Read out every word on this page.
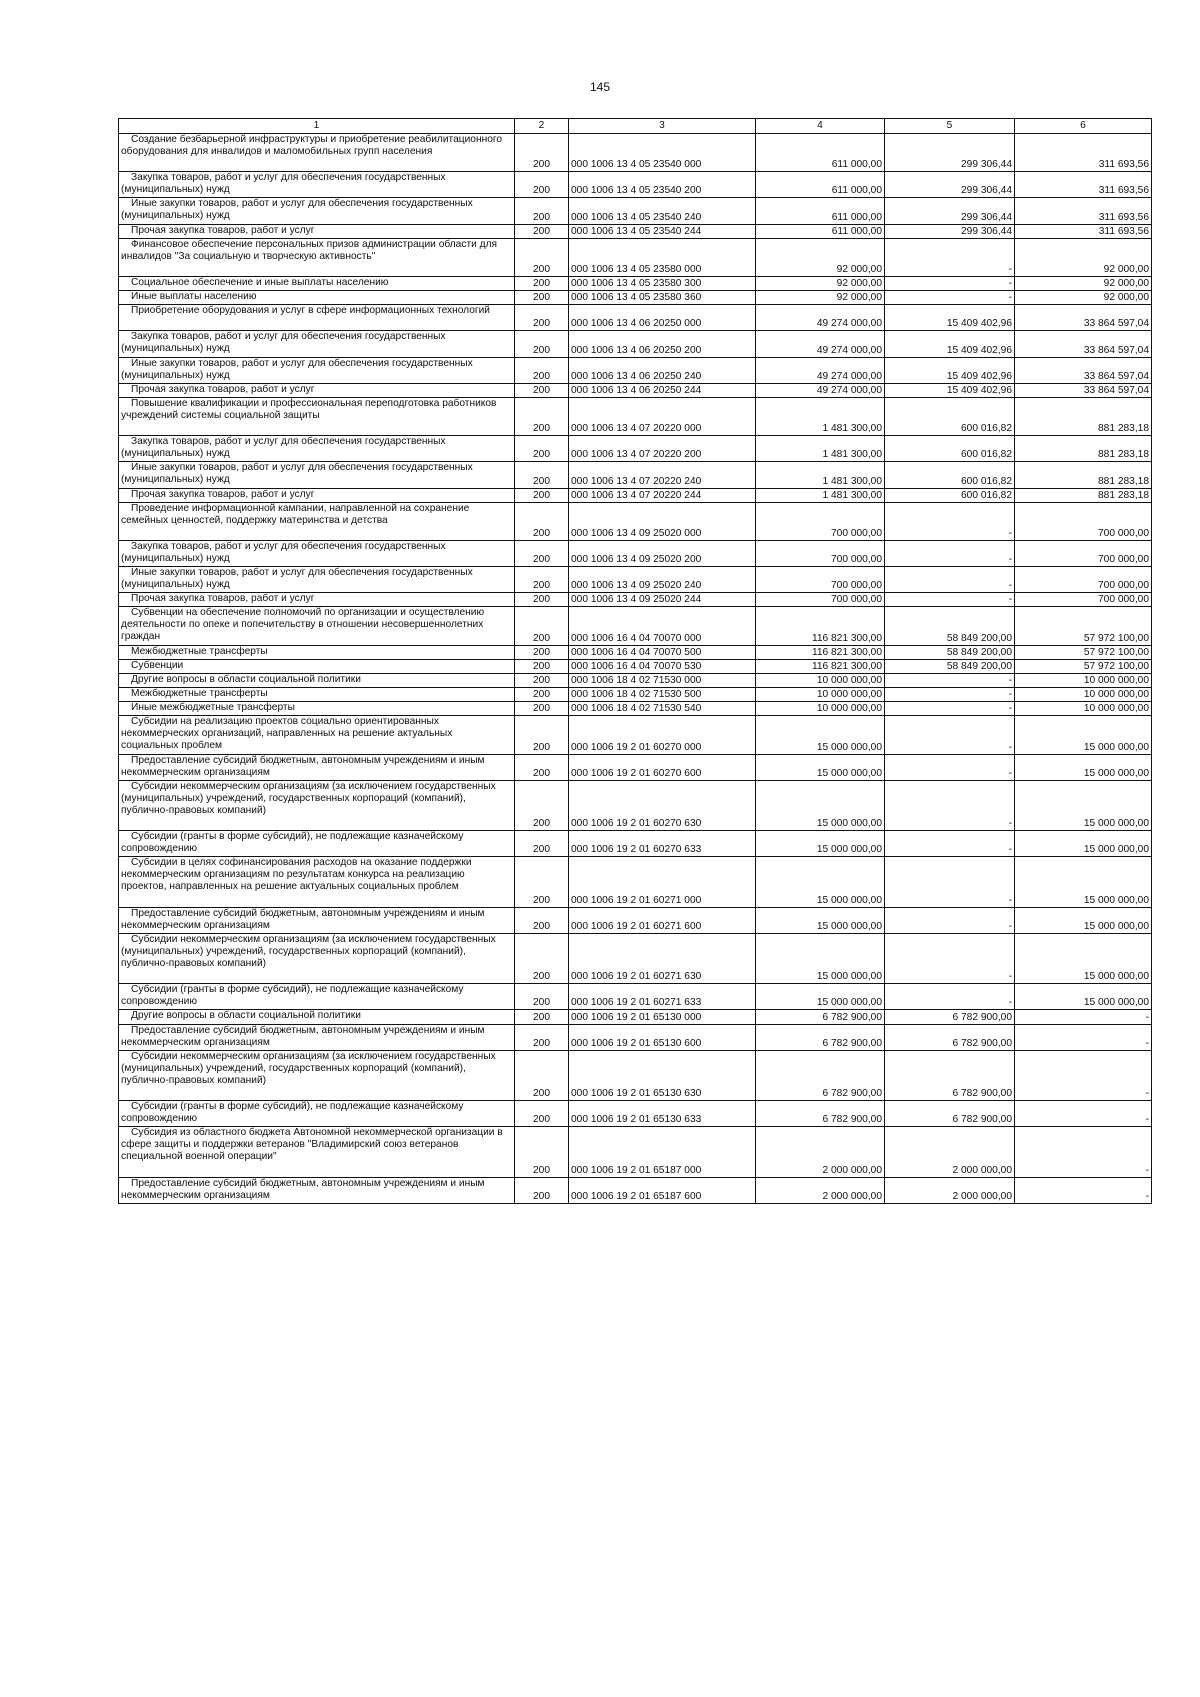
145
1	2	3	4	5	6

Создание безбарьерной инфраструктуры и приобретение реабилитационного оборудования для инвалидов и маломобильных групп населения	200	000 1006 13 4 05 23540 000	611 000,00	299 306,44	311 693,56

Закупка товаров, работ и услуг для обеспечения государственных (муниципальных) нужд	200	000 1006 13 4 05 23540 200	611 000,00	299 306,44	311 693,56

Иные закупки товаров, работ и услуг для обеспечения государственных (муниципальных) нужд	200	000 1006 13 4 05 23540 240	611 000,00	299 306,44	311 693,56

Прочая закупка товаров, работ и услуг	200	000 1006 13 4 05 23540 244	611 000,00	299 306,44	311 693,56

Финансовое обеспечение персональных призов администрации области для инвалидов "За социальную и творческую активность"	200	000 1006 13 4 05 23580 000	92 000,00	-	92 000,00

Социальное обеспечение и иные выплаты населению	200	000 1006 13 4 05 23580 300	92 000,00	-	92 000,00

Иные выплаты населению	200	000 1006 13 4 05 23580 360	92 000,00	-	92 000,00

Приобретение оборудования и услуг в сфере информационных технологий	200	000 1006 13 4 06 20250 000	49 274 000,00	15 409 402,96	33 864 597,04

Закупка товаров, работ и услуг для обеспечения государственных (муниципальных) нужд	200	000 1006 13 4 06 20250 200	49 274 000,00	15 409 402,96	33 864 597,04

Иные закупки товаров, работ и услуг для обеспечения государственных (муниципальных) нужд	200	000 1006 13 4 06 20250 240	49 274 000,00	15 409 402,96	33 864 597,04

Прочая закупка товаров, работ и услуг	200	000 1006 13 4 06 20250 244	49 274 000,00	15 409 402,96	33 864 597,04

Повышение квалификации и профессиональная переподготовка работников учреждений системы социальной защиты	200	000 1006 13 4 07 20220 000	1 481 300,00	600 016,82	881 283,18

Закупка товаров, работ и услуг для обеспечения государственных (муниципальных) нужд	200	000 1006 13 4 07 20220 200	1 481 300,00	600 016,82	881 283,18

Иные закупки товаров, работ и услуг для обеспечения государственных (муниципальных) нужд	200	000 1006 13 4 07 20220 240	1 481 300,00	600 016,82	881 283,18

Прочая закупка товаров, работ и услуг	200	000 1006 13 4 07 20220 244	1 481 300,00	600 016,82	881 283,18

Проведение информационной кампании, направленной на сохранение семейных ценностей, поддержку материнства и детства	200	000 1006 13 4 09 25020 000	700 000,00	-	700 000,00

Закупка товаров, работ и услуг для обеспечения государственных (муниципальных) нужд	200	000 1006 13 4 09 25020 200	700 000,00	-	700 000,00

Иные закупки товаров, работ и услуг для обеспечения государственных (муниципальных) нужд	200	000 1006 13 4 09 25020 240	700 000,00	-	700 000,00

Прочая закупка товаров, работ и услуг	200	000 1006 13 4 09 25020 244	700 000,00	-	700 000,00

Субвенции на обеспечение полномочий по организации и осуществлению деятельности по опеке и попечительству в отношении несовершеннолетних граждан	200	000 1006 16 4 04 70070 000	116 821 300,00	58 849 200,00	57 972 100,00

Межбюджетные трансферты	200	000 1006 16 4 04 70070 500	116 821 300,00	58 849 200,00	57 972 100,00

Субвенции	200	000 1006 16 4 04 70070 530	116 821 300,00	58 849 200,00	57 972 100,00

Другие вопросы в области социальной политики	200	000 1006 18 4 02 71530 000	10 000 000,00	-	10 000 000,00

Межбюджетные трансферты	200	000 1006 18 4 02 71530 500	10 000 000,00	-	10 000 000,00

Иные межбюджетные трансферты	200	000 1006 18 4 02 71530 540	10 000 000,00	-	10 000 000,00

Субсидии на реализацию проектов социально ориентированных некоммерческих организаций, направленных на решение актуальных социальных проблем	200	000 1006 19 2 01 60270 000	15 000 000,00	-	15 000 000,00

Предоставление субсидий бюджетным, автономным учреждениям и иным некоммерческим организациям	200	000 1006 19 2 01 60270 600	15 000 000,00	-	15 000 000,00

Субсидии некоммерческим организациям (за исключением государственных (муниципальных) учреждений, государственных корпораций (компаний), публично-правовых компаний)	200	000 1006 19 2 01 60270 630	15 000 000,00	-	15 000 000,00

Субсидии (гранты в форме субсидий), не подлежащие казначейскому сопровождению	200	000 1006 19 2 01 60270 633	15 000 000,00	-	15 000 000,00

Субсидии в целях софинансирования расходов на оказание поддержки некоммерческим организациям по результатам конкурса на реализацию проектов, направленных на решение актуальных социальных проблем	200	000 1006 19 2 01 60271 000	15 000 000,00	-	15 000 000,00

Предоставление субсидий бюджетным, автономным учреждениям и иным некоммерческим организациям	200	000 1006 19 2 01 60271 600	15 000 000,00	-	15 000 000,00

Субсидии некоммерческим организациям (за исключением государственных (муниципальных) учреждений, государственных корпораций (компаний), публично-правовых компаний)	200	000 1006 19 2 01 60271 630	15 000 000,00	-	15 000 000,00

Субсидии (гранты в форме субсидий), не подлежащие казначейскому сопровождению	200	000 1006 19 2 01 60271 633	15 000 000,00	-	15 000 000,00

Другие вопросы в области социальной политики	200	000 1006 19 2 01 65130 000	6 782 900,00	6 782 900,00	-

Предоставление субсидий бюджетным, автономным учреждениям и иным некоммерческим организациям	200	000 1006 19 2 01 65130 600	6 782 900,00	6 782 900,00	-

Субсидии некоммерческим организациям (за исключением государственных (муниципальных) учреждений, государственных корпораций (компаний), публично-правовых компаний)	200	000 1006 19 2 01 65130 630	6 782 900,00	6 782 900,00	-

Субсидии (гранты в форме субсидий), не подлежащие казначейскому сопровождению	200	000 1006 19 2 01 65130 633	6 782 900,00	6 782 900,00	-

Субсидия из областного бюджета Автономной некоммерческой организации в сфере защиты и поддержки ветеранов "Владимирский союз ветеранов специальной военной операции"	200	000 1006 19 2 01 65187 000	2 000 000,00	2 000 000,00	-

Предоставление субсидий бюджетным, автономным учреждениям и иным некоммерческим организациям	200	000 1006 19 2 01 65187 600	2 000 000,00	2 000 000,00	-
